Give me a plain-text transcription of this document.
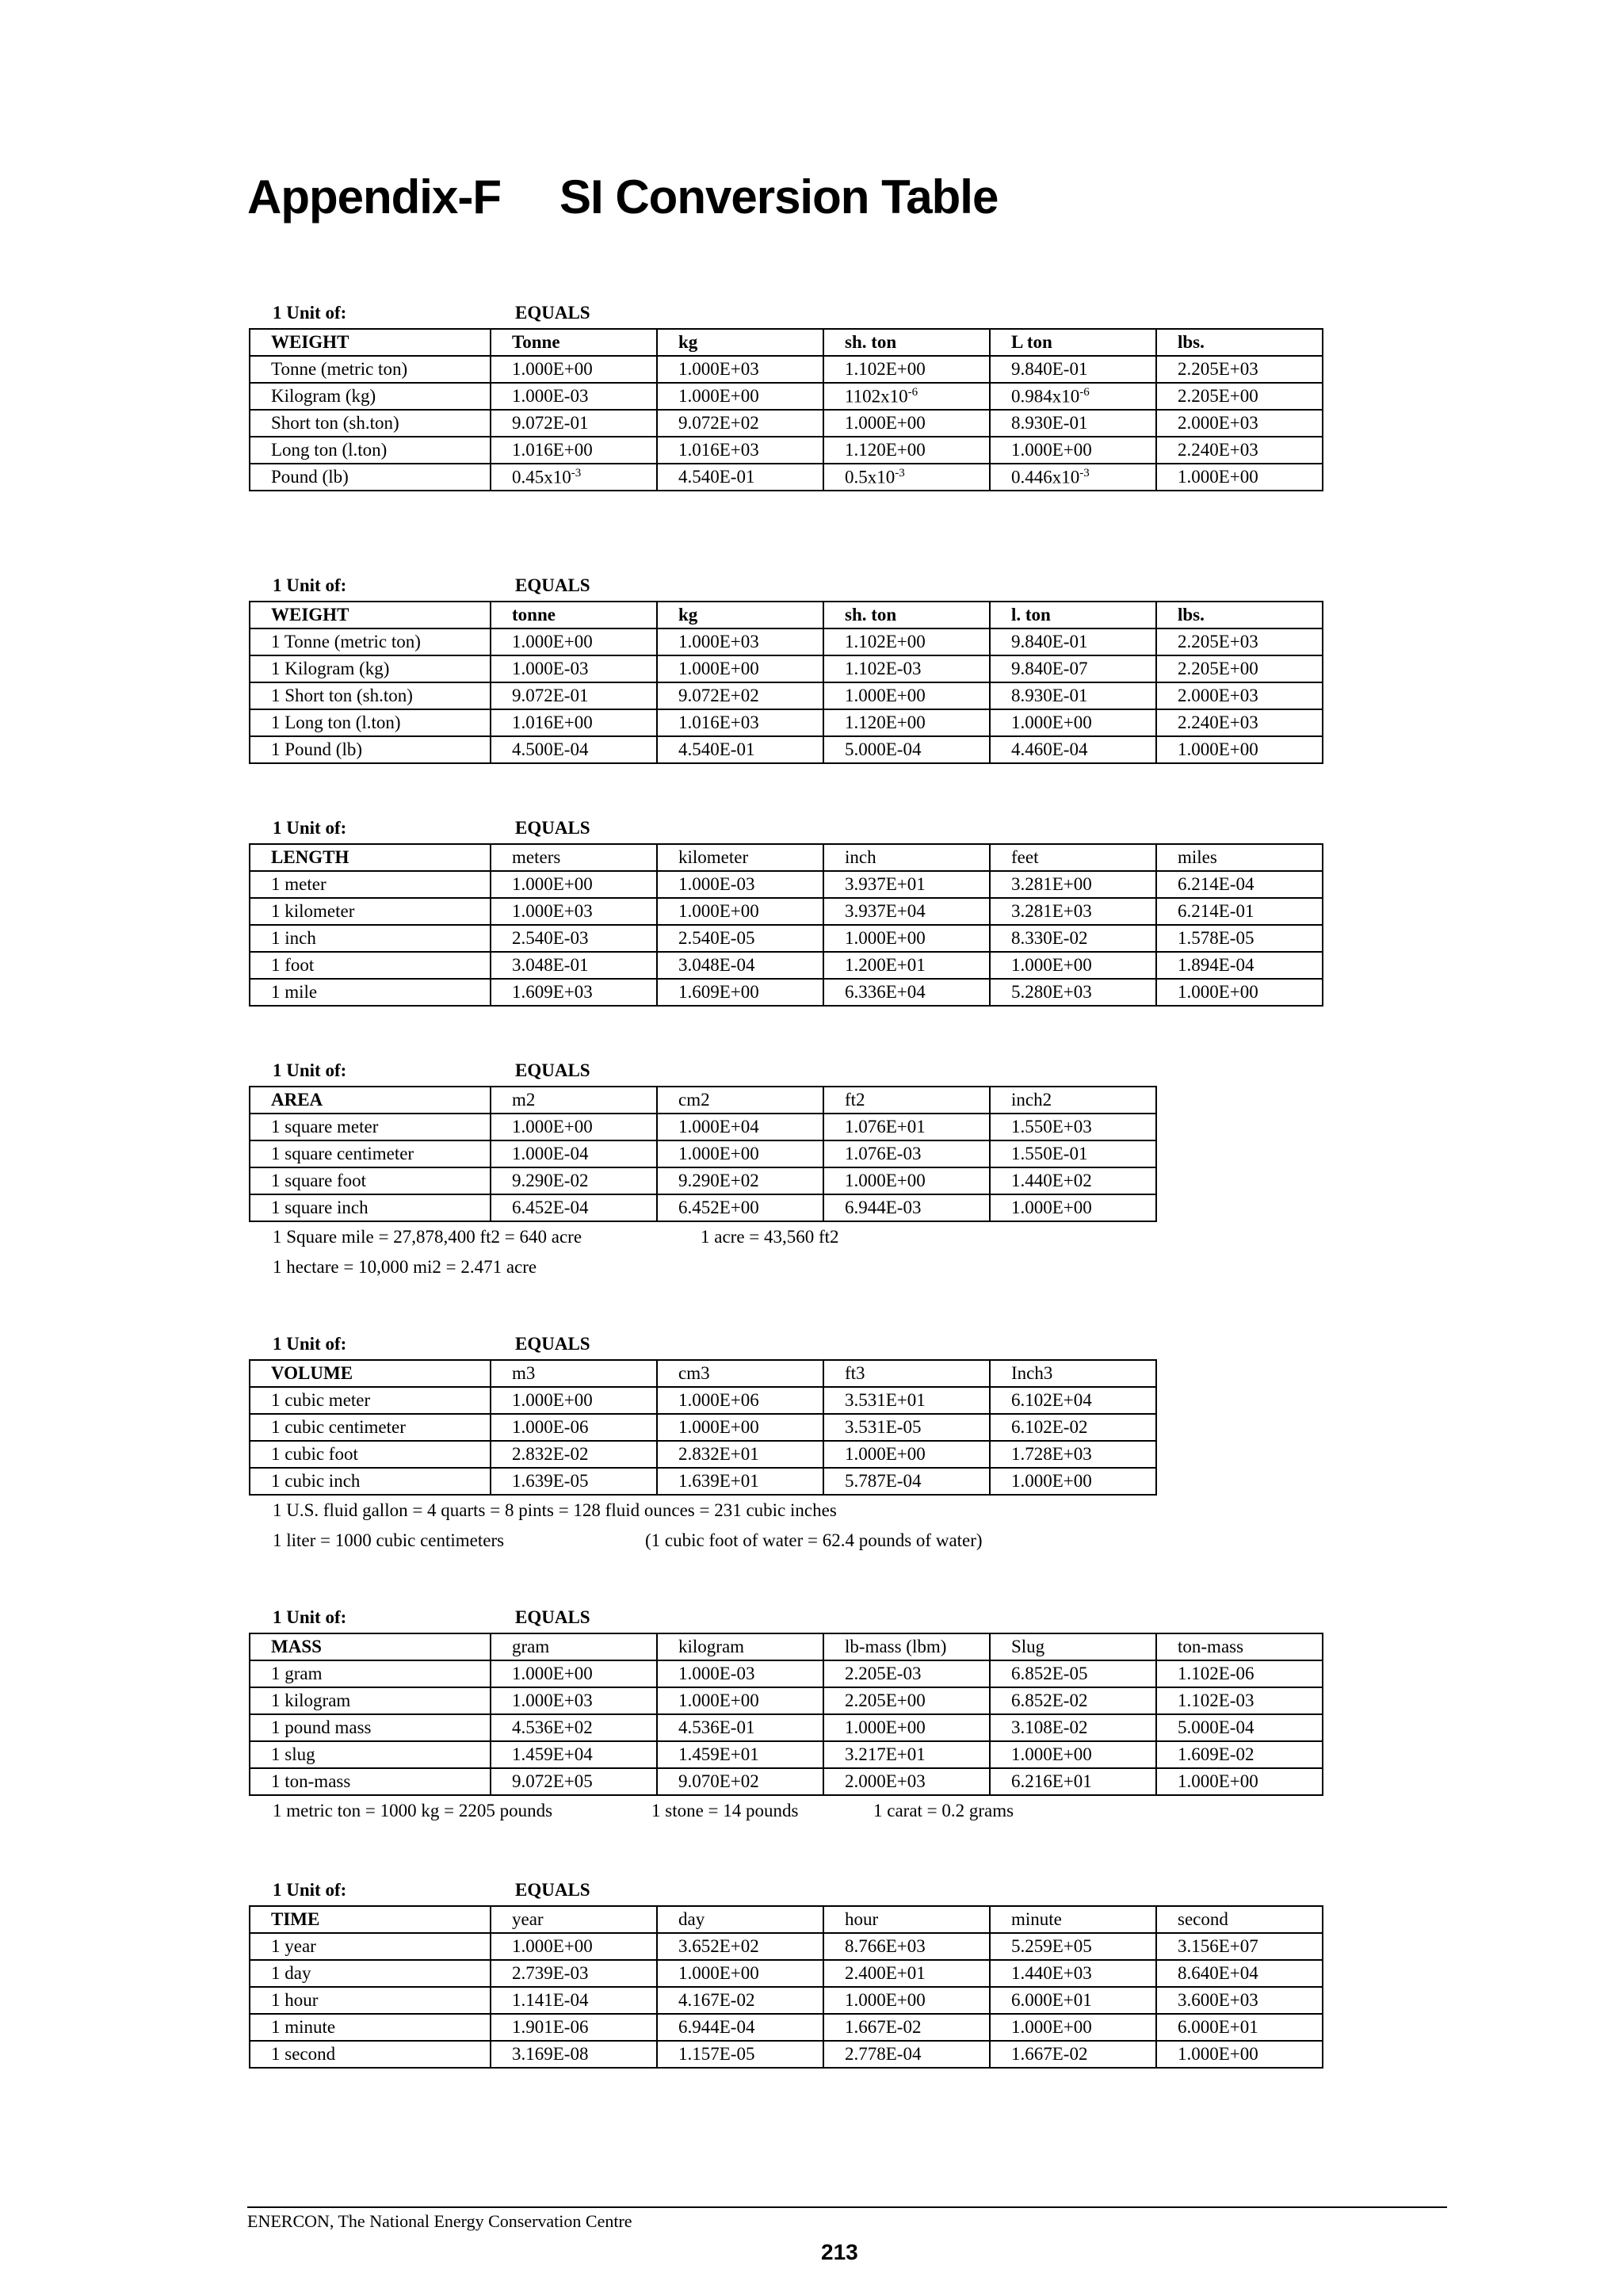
Appendix-F SI Conversion Table
1 Unit of:	EQUALS
WEIGHT	Tonne	kg	sh. ton	L ton	lbs.
Tonne (metric ton)	1.000E+00	1.000E+03	1.102E+00	9.840E-01	2.205E+03
Kilogram (kg)	1.000E-03	1.000E+00	$1102x10^{-6}$	$0.984x10^{-6}$	2.205E+00
Short ton (sh.ton)	9.072E-01	9.072E+02	1.000E+00	8.930E-01	2.000E+03
Long ton (l.ton)	1.016E+00	1.016E+03	1.120E+00	1.000E+00	2.240E+03
Pound (lb)	$0.45x10^{-3}$	4.540E-01	$0.5x10^{-3}$	$0.446x10^{-3}$	1.000E+00
1 Unit of:	EQUALS
WEIGHT	tonne	kg	sh. ton	l. ton	lbs.
1 Tonne (metric ton)	1.000E+00	1.000E+03	1.102E+00	9.840E-01	2.205E+03
1 Kilogram (kg)	1.000E-03	1.000E+00	1.102E-03	9.840E-07	2.205E+00
1 Short ton (sh.ton)	9.072E-01	9.072E+02	1.000E+00	8.930E-01	2.000E+03
1 Long ton (l.ton)	1.016E+00	1.016E+03	1.120E+00	1.000E+00	2.240E+03
1 Pound (lb)	4.500E-04	4.540E-01	5.000E-04	4.460E-04	1.000E+00
1 Unit of:	EQUALS
LENGTH	meters	kilometer	inch	feet	miles
1 meter	1.000E+00	1.000E-03	3.937E+01	3.281E+00	6.214E-04
1 kilometer	1.000E+03	1.000E+00	3.937E+04	3.281E+03	6.214E-01
1 inch	2.540E-03	2.540E-05	1.000E+00	8.330E-02	1.578E-05
1 foot	3.048E-01	3.048E-04	1.200E+01	1.000E+00	1.894E-04
1 mile	1.609E+03	1.609E+00	6.336E+04	5.280E+03	1.000E+00
1 Unit of:	EQUALS
AREA	m2	cm2	ft2	inch2
1 square meter	1.000E+00	1.000E+04	1.076E+01	1.550E+03
1 square centimeter	1.000E-04	1.000E+00	1.076E-03	1.550E-01
1 square foot	9.290E-02	9.290E+02	1.000E+00	1.440E+02
1 square inch	6.452E-04	6.452E+00	6.944E-03	1.000E+00
1 Square mile = 27,878,400 ft2 = 640 acre	1 acre = 43,560 ft2
1 hectare = 10,000 mi2 = 2.471 acre
1 Unit of:	EQUALS
VOLUME	m3	cm3	ft3	Inch3
1 cubic meter	1.000E+00	1.000E+06	3.531E+01	6.102E+04
1 cubic centimeter	1.000E-06	1.000E+00	3.531E-05	6.102E-02
1 cubic foot	2.832E-02	2.832E+01	1.000E+00	1.728E+03
1 cubic inch	1.639E-05	1.639E+01	5.787E-04	1.000E+00
1 U.S. fluid gallon = 4 quarts = 8 pints = 128 fluid ounces = 231 cubic inches
1 liter = 1000 cubic centimeters	(1 cubic foot of water = 62.4 pounds of water)
1 Unit of:	EQUALS
MASS	gram	kilogram	lb-mass (lbm)	Slug	ton-mass
1 gram	1.000E+00	1.000E-03	2.205E-03	6.852E-05	1.102E-06
1 kilogram	1.000E+03	1.000E+00	2.205E+00	6.852E-02	1.102E-03
1 pound mass	4.536E+02	4.536E-01	1.000E+00	3.108E-02	5.000E-04
1 slug	1.459E+04	1.459E+01	3.217E+01	1.000E+00	1.609E-02
1 ton-mass	9.072E+05	9.070E+02	2.000E+03	6.216E+01	1.000E+00
1 metric ton = 1000 kg = 2205 pounds	1 stone = 14 pounds	1 carat = 0.2 grams
1 Unit of:	EQUALS
TIME	year	day	hour	minute	second
1 year	1.000E+00	3.652E+02	8.766E+03	5.259E+05	3.156E+07
1 day	2.739E-03	1.000E+00	2.400E+01	1.440E+03	8.640E+04
1 hour	1.141E-04	4.167E-02	1.000E+00	6.000E+01	3.600E+03
1 minute	1.901E-06	6.944E-04	1.667E-02	1.000E+00	6.000E+01
1 second	3.169E-08	1.157E-05	2.778E-04	1.667E-02	1.000E+00
ENERCON, The National Energy Conservation Centre
213
